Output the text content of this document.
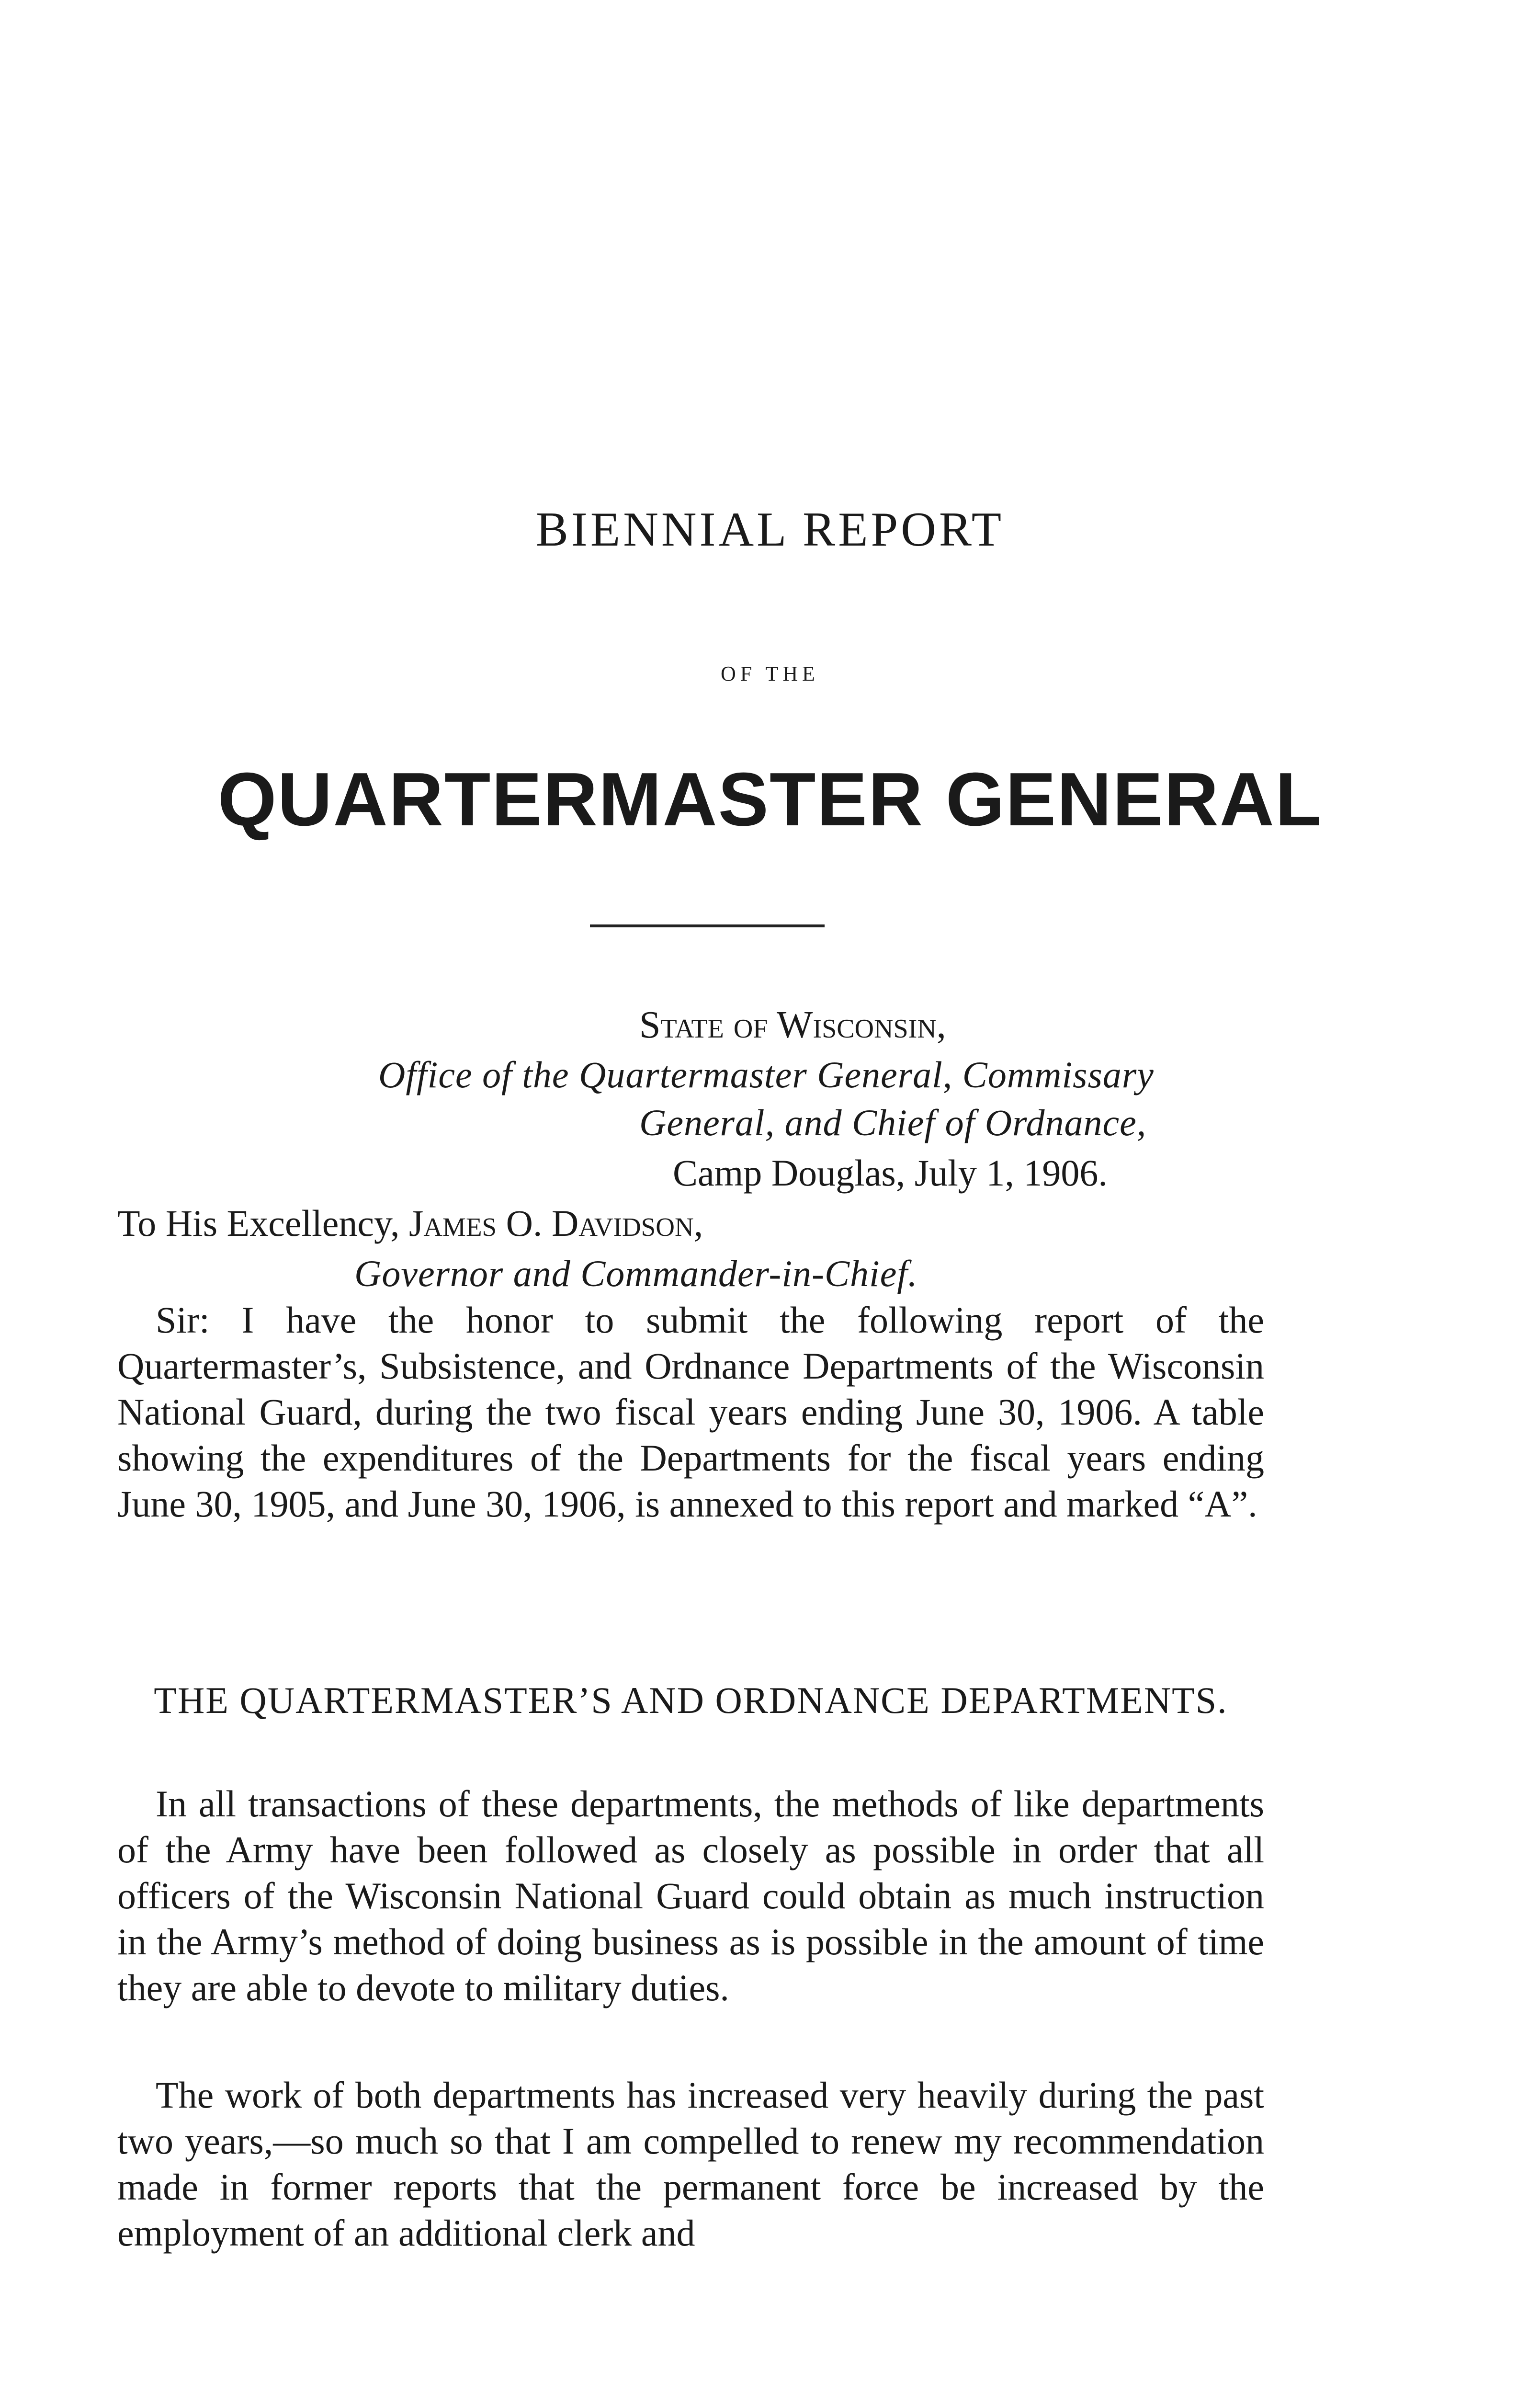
BIENNIAL REPORT
OF THE
QUARTERMASTER GENERAL
State of Wisconsin,
Office of the Quartermaster General, Commissary
General, and Chief of Ordnance,
Camp Douglas, July 1, 1906.
To His Excellency, James O. Davidson,
Governor and Commander-in-Chief.
Sir: I have the honor to submit the following report of the Quartermaster’s, Subsistence, and Ordnance Departments of the Wisconsin National Guard, during the two fiscal years ending June 30, 1906. A table showing the expenditures of the Departments for the fiscal years ending June 30, 1905, and June 30, 1906, is annexed to this report and marked “A”.
THE QUARTERMASTER’S AND ORDNANCE DEPARTMENTS.
In all transactions of these departments, the methods of like departments of the Army have been followed as closely as possible in order that all officers of the Wisconsin National Guard could obtain as much instruction in the Army’s method of doing business as is possible in the amount of time they are able to devote to military duties.
The work of both departments has increased very heavily during the past two years,—so much so that I am compelled to renew my recommendation made in former reports that the permanent force be increased by the employment of an additional clerk and
